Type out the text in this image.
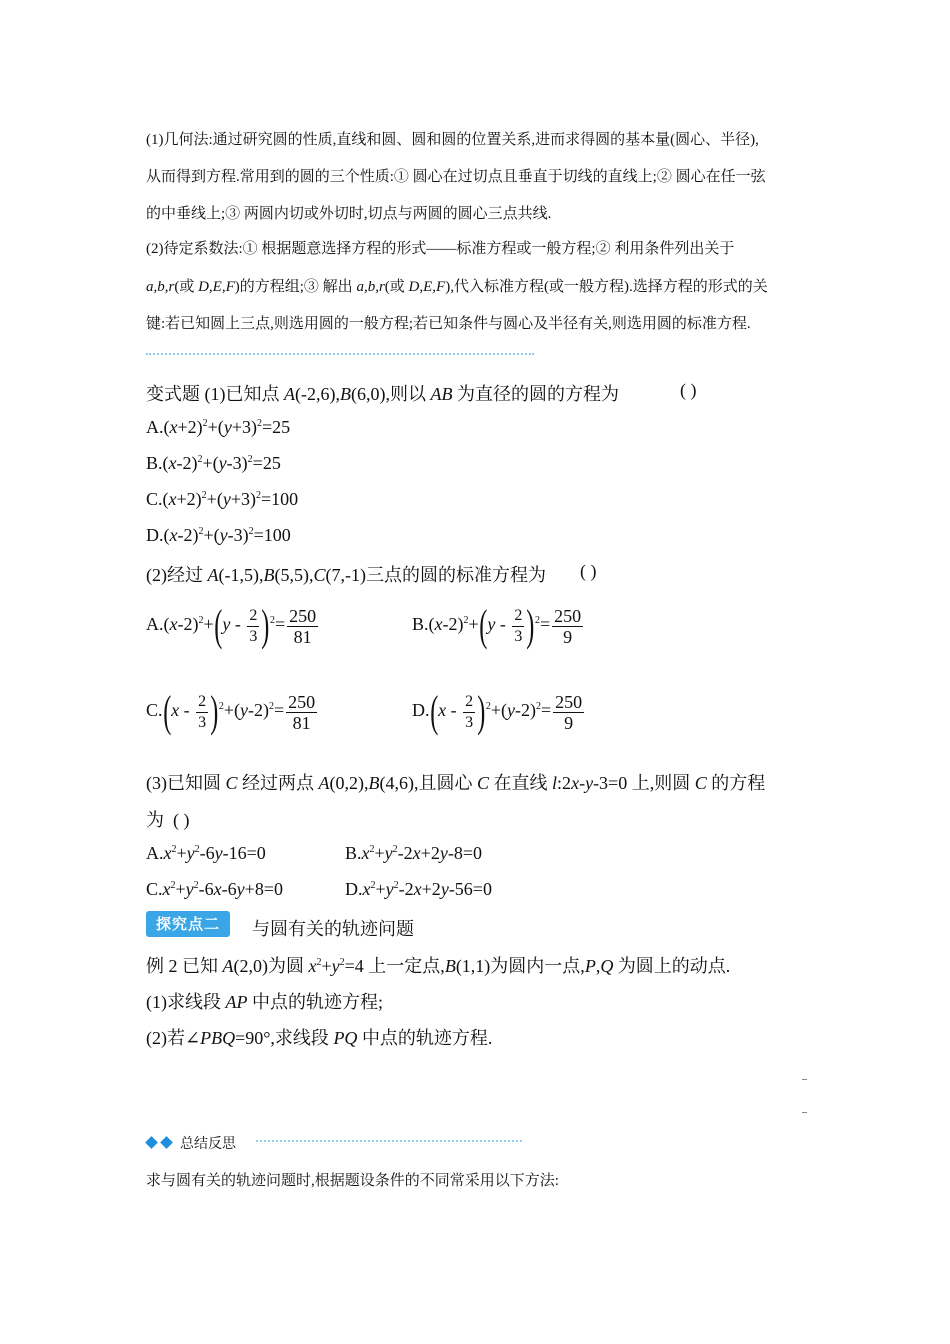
(1)几何法:通过研究圆的性质,直线和圆、圆和圆的位置关系,进而求得圆的基本量(圆心、半径),
从而得到方程.常用到的圆的三个性质:① 圆心在过切点且垂直于切线的直线上;② 圆心在任一弦
的中垂线上;③ 两圆内切或外切时,切点与两圆的圆心三点共线.
(2)待定系数法:① 根据题意选择方程的形式——标准方程或一般方程;② 利用条件列出关于
a,b,r(或 D,E,F)的方程组;③ 解出 a,b,r(或 D,E,F),代入标准方程(或一般方程).选择方程的形式的关
键:若已知圆上三点,则选用圆的一般方程;若已知条件与圆心及半径有关,则选用圆的标准方程.
变式题 (1)已知点 A(-2,6),B(6,0),则以 AB 为直径的圆的方程为	( )
$A.(x+2)^2+(y+3)^2=25$
$B.(x-2)^2+(y-3)^2=25$
$C.(x+2)^2+(y+3)^2=100$
$D.(x-2)^2+(y-3)^2=100$
(2)经过 A(-1,5),B(5,5),C(7,-1)三点的圆的标准方程为 ( )
$A.(x-2)^2+(y - \frac{2}{3} )^2= \frac{250}{81}$	$B.(x-2)^2+(y - \frac{2}{3} )^2= \frac{250}{9}$
$C.(x - \frac{2}{3} )^2+(y-2)^2= \frac{250}{81}$	$D.(x - \frac{2}{3} )^2+(y-2)^2= \frac{250}{9}$
(3)已知圆 C 经过两点 A(0,2),B(4,6),且圆心 C 在直线 l:2x-y-3=0 上,则圆 C 的方程
为 ( )
$A.x^2+y^2-6y-16=0$	$B.x^2+y^2-2x+2y-8=0$
$C.x^2+y^2-6x-6y+8=0$	$D.x^2+y^2-2x+2y-56=0$
探究点二	与圆有关的轨迹问题
例 2 已知 A(2,0)为圆 $x^2+y^2=4$ 上一定点,B(1,1)为圆内一点,P,Q 为圆上的动点.
(1)求线段 AP 中点的轨迹方程;
(2)若∠PBQ=90°,求线段 PQ 中点的轨迹方程.
总结反思
求与圆有关的轨迹问题时,根据题设条件的不同常采用以下方法:
